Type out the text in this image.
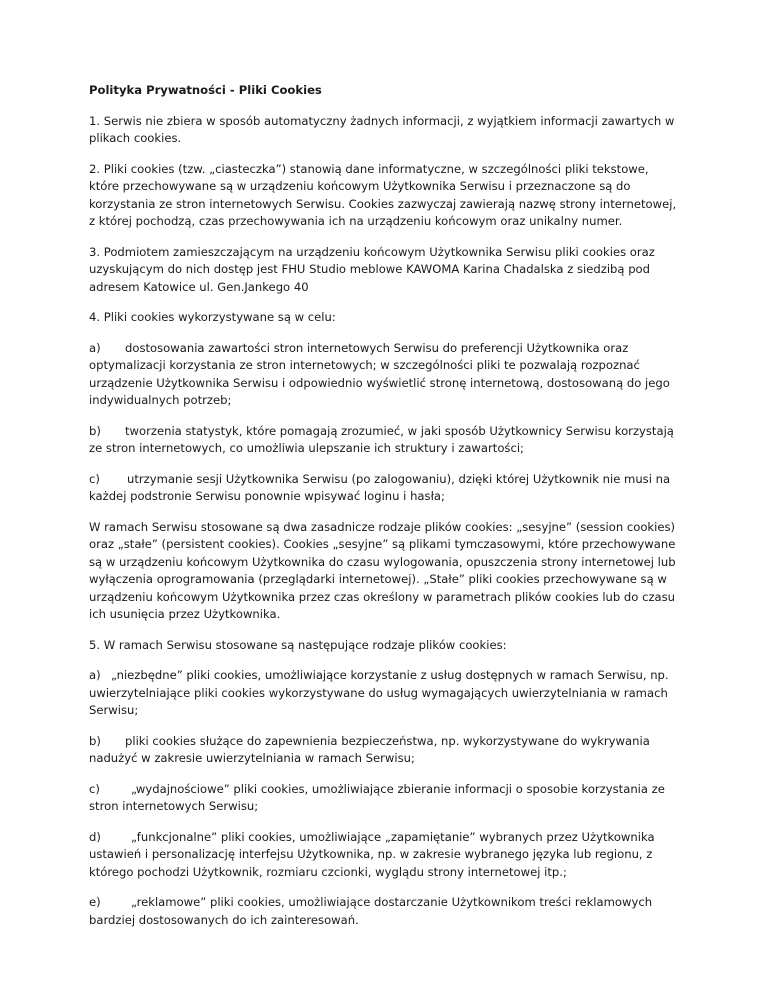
Polityka Prywatności - Pliki Cookies

1. Serwis nie zbiera w sposób automatyczny żadnych informacji, z wyjątkiem informacji zawartych w plikach cookies.

2. Pliki cookies (tzw. „ciasteczka”) stanowią dane informatyczne, w szczególności pliki tekstowe, które przechowywane są w urządzeniu końcowym Użytkownika Serwisu i przeznaczone są do korzystania ze stron internetowych Serwisu. Cookies zazwyczaj zawierają nazwę strony internetowej, z której pochodzą, czas przechowywania ich na urządzeniu końcowym oraz unikalny numer.

3. Podmiotem zamieszczającym na urządzeniu końcowym Użytkownika Serwisu pliki cookies oraz uzyskującym do nich dostęp jest FHU Studio meblowe KAWOMA Karina Chadalska z siedzibą pod adresem Katowice ul. Gen.Jankego 40

4. Pliki cookies wykorzystywane są w celu:

a) dostosowania zawartości stron internetowych Serwisu do preferencji Użytkownika oraz optymalizacji korzystania ze stron internetowych; w szczególności pliki te pozwalają rozpoznać urządzenie Użytkownika Serwisu i odpowiednio wyświetlić stronę internetową, dostosowaną do jego indywidualnych potrzeb;
b) tworzenia statystyk, które pomagają zrozumieć, w jaki sposób Użytkownicy Serwisu korzystają ze stron internetowych, co umożliwia ulepszanie ich struktury i zawartości;
c) utrzymanie sesji Użytkownika Serwisu (po zalogowaniu), dzięki której Użytkownik nie musi na każdej podstronie Serwisu ponownie wpisywać loginu i hasła;

W ramach Serwisu stosowane są dwa zasadnicze rodzaje plików cookies: „sesyjne” (session cookies) oraz „stałe” (persistent cookies). Cookies „sesyjne” są plikami tymczasowymi, które przechowywane są w urządzeniu końcowym Użytkownika do czasu wylogowania, opuszczenia strony internetowej lub wyłączenia oprogramowania (przeglądarki internetowej). „Stałe” pliki cookies przechowywane są w urządzeniu końcowym Użytkownika przez czas określony w parametrach plików cookies lub do czasu ich usunięcia przez Użytkownika.

5. W ramach Serwisu stosowane są następujące rodzaje plików cookies:

a) „niezbędne” pliki cookies, umożliwiające korzystanie z usług dostępnych w ramach Serwisu, np. uwierzytelniające pliki cookies wykorzystywane do usług wymagających uwierzytelniania w ramach Serwisu;
b) pliki cookies służące do zapewnienia bezpieczeństwa, np. wykorzystywane do wykrywania nadużyć w zakresie uwierzytelniania w ramach Serwisu;
c)	„wydajnościowe” pliki cookies, umożliwiające zbieranie informacji o sposobie korzystania ze stron internetowych Serwisu;
d)	„funkcjonalne” pliki cookies, umożliwiające „zapamiętanie” wybranych przez Użytkownika ustawień i personalizację interfejsu Użytkownika, np. w zakresie wybranego języka lub regionu, z którego pochodzi Użytkownik, rozmiaru czcionki, wyglądu strony internetowej itp.;
e)	„reklamowe” pliki cookies, umożliwiające dostarczanie Użytkownikom treści reklamowych bardziej dostosowanych do ich zainteresowań.
